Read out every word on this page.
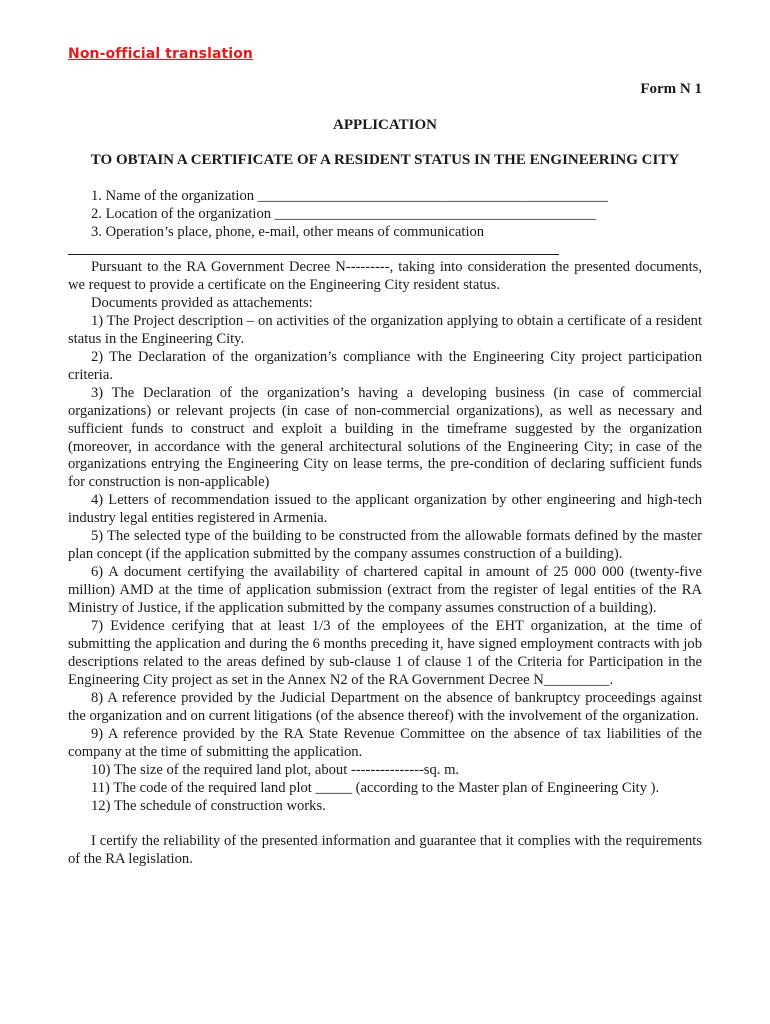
Non-official translation
Form N 1
APPLICATION
TO OBTAIN A CERTIFICATE OF A RESIDENT STATUS IN THE ENGINEERING CITY
1. Name of the organization ________________________________________________
2. Location of the organization ____________________________________________
3. Operation’s place, phone, e-mail, other means of communication

Pursuant to the RA Government Decree N---------, taking into consideration the presented documents, we request to provide a certificate on the Engineering City resident status.

Documents provided as attachements:

1) The Project description – on activities of the organization applying to obtain a certificate of a resident status in the Engineering City.

2) The Declaration of the organization’s compliance with the Engineering City project participation criteria.

3) The Declaration of the organization’s having a developing business (in case of commercial organizations) or relevant projects (in case of non-commercial organizations), as well as necessary and sufficient funds to construct and exploit a building in the timeframe suggested by the organization (moreover, in accordance with the general architectural solutions of the Engineering City; in case of the organizations entrying the Engineering City on lease terms, the pre-condition of declaring sufficient funds for construction is non-applicable)

4) Letters of recommendation issued to the applicant organization by other engineering and high-tech industry legal entities registered in Armenia.

5) The selected type of the building to be constructed from the allowable formats defined by the master plan concept (if the application submitted by the company assumes construction of a building).

6) A document certifying the availability of chartered capital in amount of 25 000 000 (twenty-five million) AMD at the time of application submission (extract from the register of legal entities of the RA Ministry of Justice, if the application submitted by the company assumes construction of a building).

7) Evidence cerifying that at least 1/3 of the employees of the EHT organization, at the time of submitting the application and during the 6 months preceding it, have signed employment contracts with job descriptions related to the areas defined by sub-clause 1 of clause 1 of the Criteria for Participation in the Engineering City project as set in the Annex N2 of the RA Government Decree N_________.

8) A reference provided by the Judicial Department on the absence of bankruptcy proceedings against the organization and on current litigations (of the absence thereof) with the involvement of the organization.

9) A reference provided by the RA State Revenue Committee on the absence of tax liabilities of the company at the time of submitting the application.

10) The size of the required land plot, about ---------------sq. m.

11) The code of the required land plot _____ (according to the Master plan of Engineering City ).

12) The schedule of construction works.

I certify the reliability of the presented information and guarantee that it complies with the requirements of the RA legislation.
